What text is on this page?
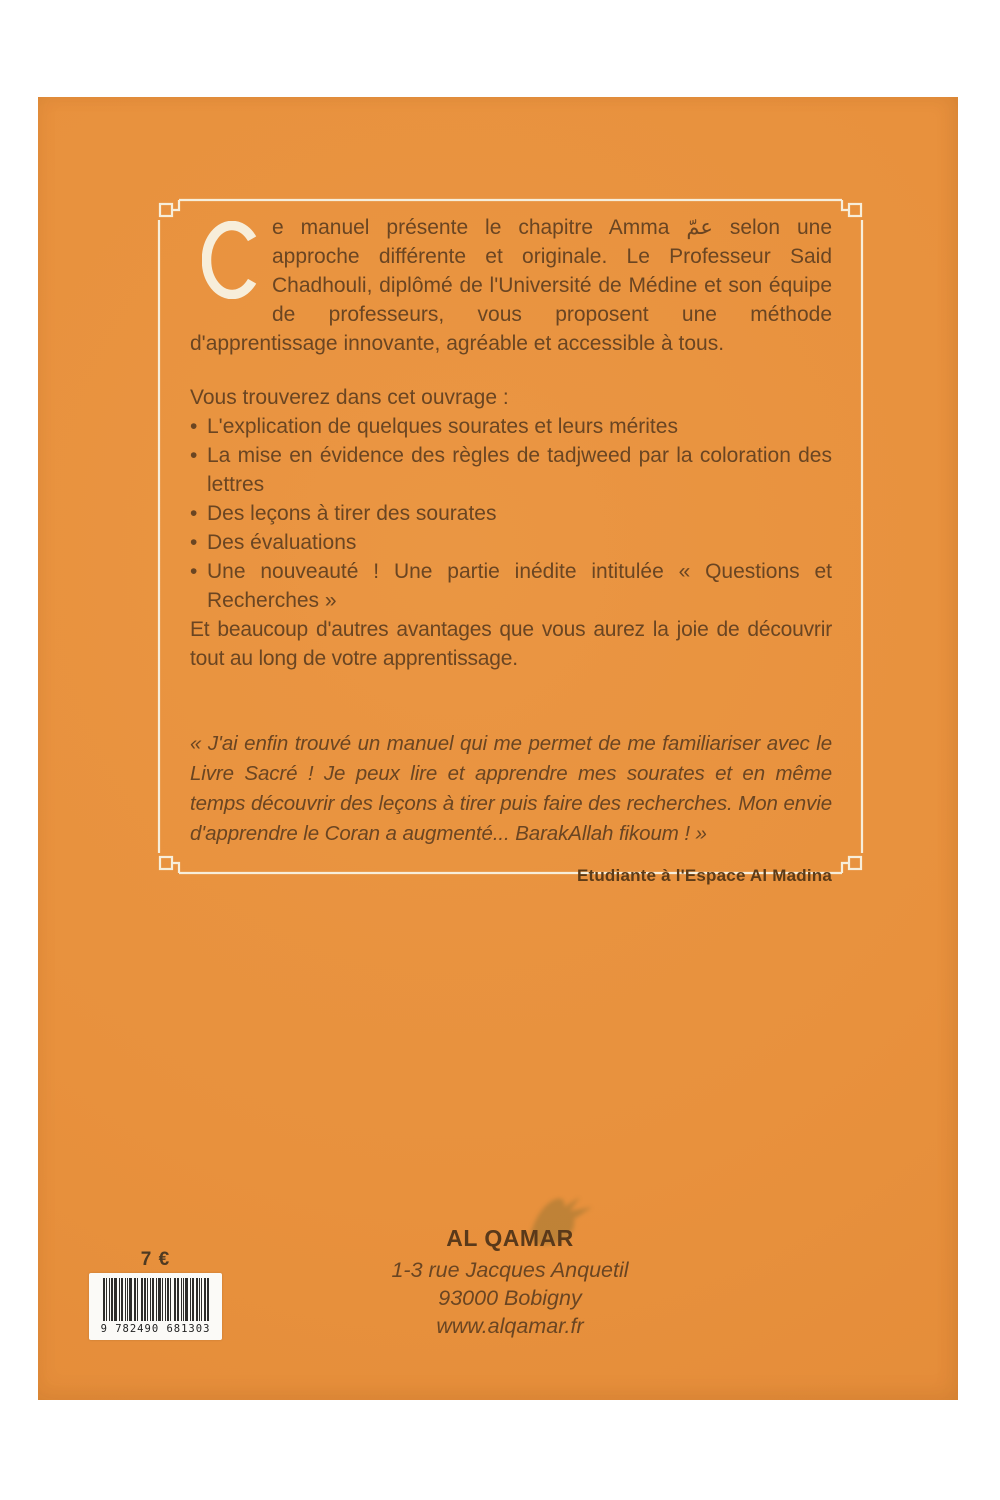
e manuel présente le chapitre Amma عمّ selon une approche différente et originale. Le Professeur Said Chadhouli, diplômé de l'Université de Médine et son équipe de professeurs, vous proposent une méthode d'apprentissage innovante, agréable et accessible à tous.

Vous trouverez dans cet ouvrage :
• L'explication de quelques sourates et leurs mérites
• La mise en évidence des règles de tadjweed par la coloration des lettres
• Des leçons à tirer des sourates
• Des évaluations
• Une nouveauté ! Une partie inédite intitulée « Questions et Recherches »
Et beaucoup d'autres avantages que vous aurez la joie de découvrir tout au long de votre apprentissage.

« J'ai enfin trouvé un manuel qui me permet de me familiariser avec le Livre Sacré ! Je peux lire et apprendre mes sourates et en même temps découvrir des leçons à tirer puis faire des recherches. Mon envie d'apprendre le Coran a augmenté... BarakAllah fikoum ! »

Etudiante à l'Espace Al Madina
AL QAMAR
1-3 rue Jacques Anquetil
93000 Bobigny
www.alqamar.fr
7 €
9 782490 681303
